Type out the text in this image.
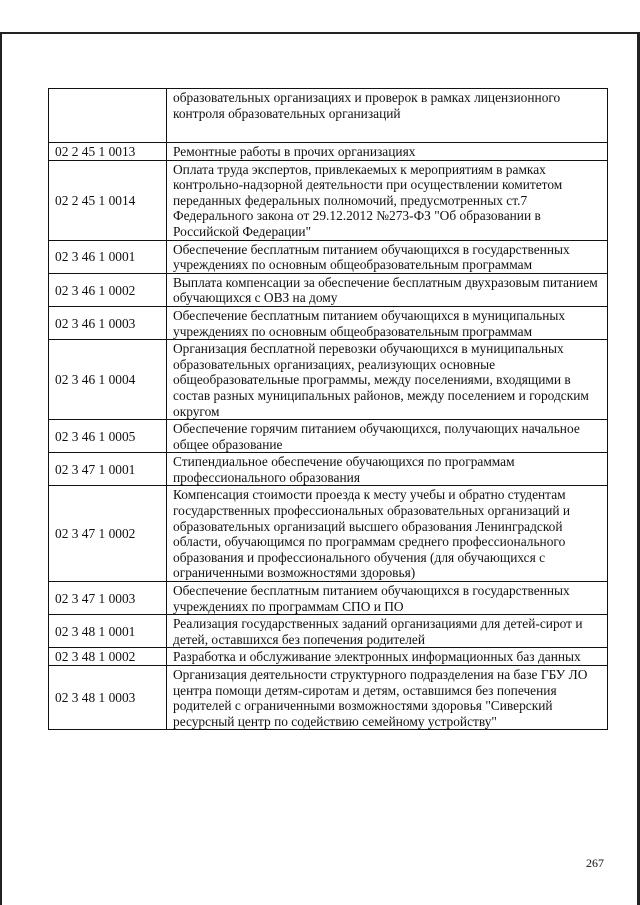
	образовательных организациях и проверок в рамках лицензионного контроля образовательных организаций
02 2 45 1 0013	Ремонтные работы в прочих организациях
02 2 45 1 0014	Оплата труда экспертов, привлекаемых к мероприятиям в рамках контрольно-надзорной деятельности при осуществлении комитетом переданных федеральных полномочий, предусмотренных ст.7 Федерального закона от 29.12.2012 №273-ФЗ "Об образовании в Российской Федерации"
02 3 46 1 0001	Обеспечение бесплатным питанием обучающихся в государственных учреждениях по основным общеобразовательным программам
02 3 46 1 0002	Выплата компенсации за обеспечение бесплатным двухразовым питанием обучающихся с ОВЗ на дому
02 3 46 1 0003	Обеспечение бесплатным питанием обучающихся в муниципальных учреждениях по основным общеобразовательным программам
02 3 46 1 0004	Организация бесплатной перевозки обучающихся в муниципальных образовательных организациях, реализующих основные общеобразовательные программы, между поселениями, входящими в состав разных муниципальных районов, между поселением и городским округом
02 3 46 1 0005	Обеспечение горячим питанием обучающихся, получающих начальное общее образование
02 3 47 1 0001	Стипендиальное обеспечение обучающихся по программам профессионального образования
02 3 47 1 0002	Компенсация стоимости проезда к месту учебы и обратно студентам государственных профессиональных образовательных организаций и образовательных организаций высшего образования Ленинградской области, обучающимся по программам среднего профессионального образования и профессионального обучения (для обучающихся с ограниченными возможностями здоровья)
02 3 47 1 0003	Обеспечение бесплатным питанием обучающихся в государственных учреждениях по программам СПО и ПО
02 3 48 1 0001	Реализация государственных заданий организациями для детей-сирот и детей, оставшихся без попечения родителей
02 3 48 1 0002	Разработка и обслуживание электронных информационных баз данных
02 3 48 1 0003	Организация деятельности структурного подразделения на базе ГБУ ЛО центра помощи детям-сиротам и детям, оставшимся без попечения родителей с ограниченными возможностями здоровья "Сиверский ресурсный центр по содействию семейному устройству"
267
